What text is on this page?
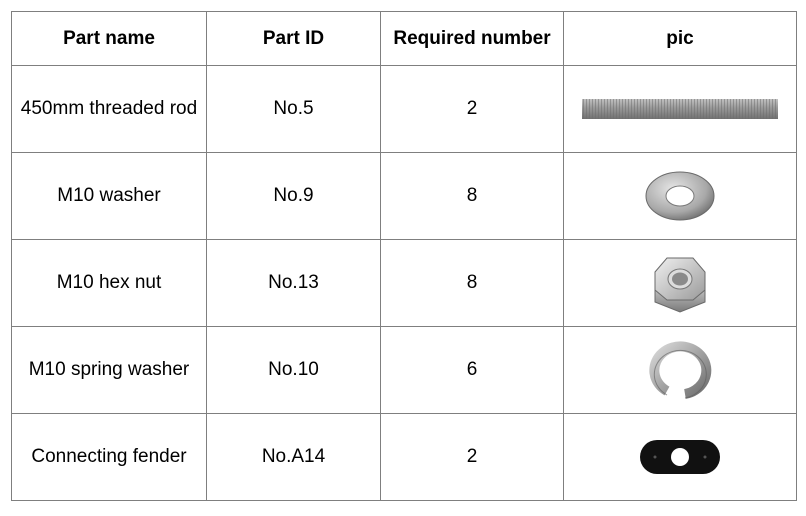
Part name	Part ID	Required number	pic
450mm threaded rod	No.5	2	

M10 washer	No.9	8	

M10 hex nut	No.13	8	

M10 spring washer	No.10	6	

Connecting fender	No.A14	2	
